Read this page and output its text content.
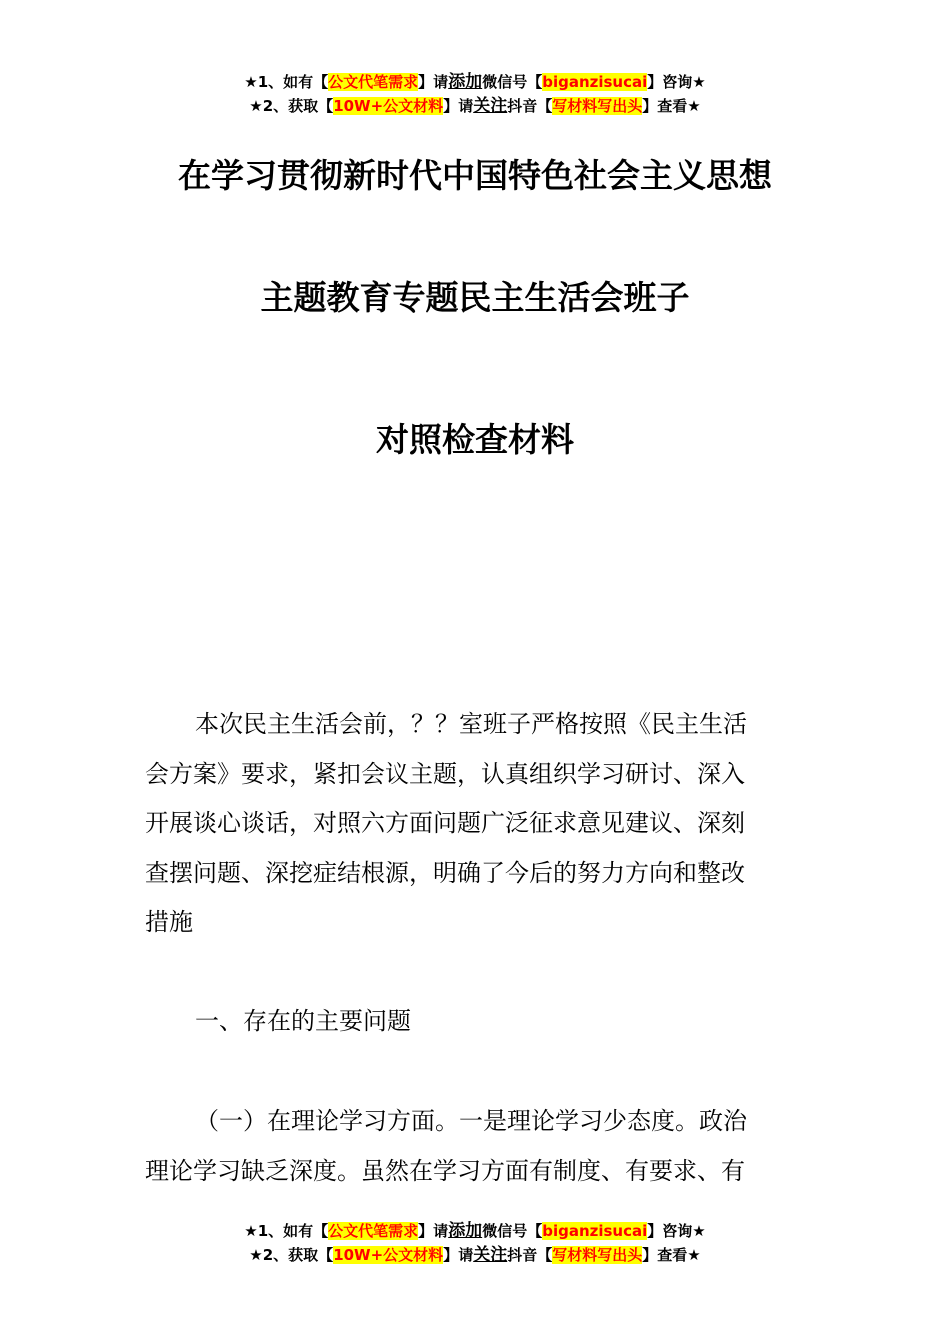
★1、如有【公文代笔需求】请添加微信号【biganzisucai】咨询★
★2、获取【10W+公文材料】请关注抖音【写材料写出头】查看★
在学习贯彻新时代中国特色社会主义思想
主题教育专题民主生活会班子
对照检查材料
本次民主生活会前，？？室班子严格按照《民主生活
会方案》要求，紧扣会议主题，认真组织学习研讨、深入
开展谈心谈话，对照六方面问题广泛征求意见建议、深刻
查摆问题、深挖症结根源，明确了今后的努力方向和整改
措施
一、存在的主要问题
（一）在理论学习方面。一是理论学习少态度。政治
理论学习缺乏深度。虽然在学习方面有制度、有要求、有
★1、如有【公文代笔需求】请添加微信号【biganzisucai】咨询★
★2、获取【10W+公文材料】请关注抖音【写材料写出头】查看★
